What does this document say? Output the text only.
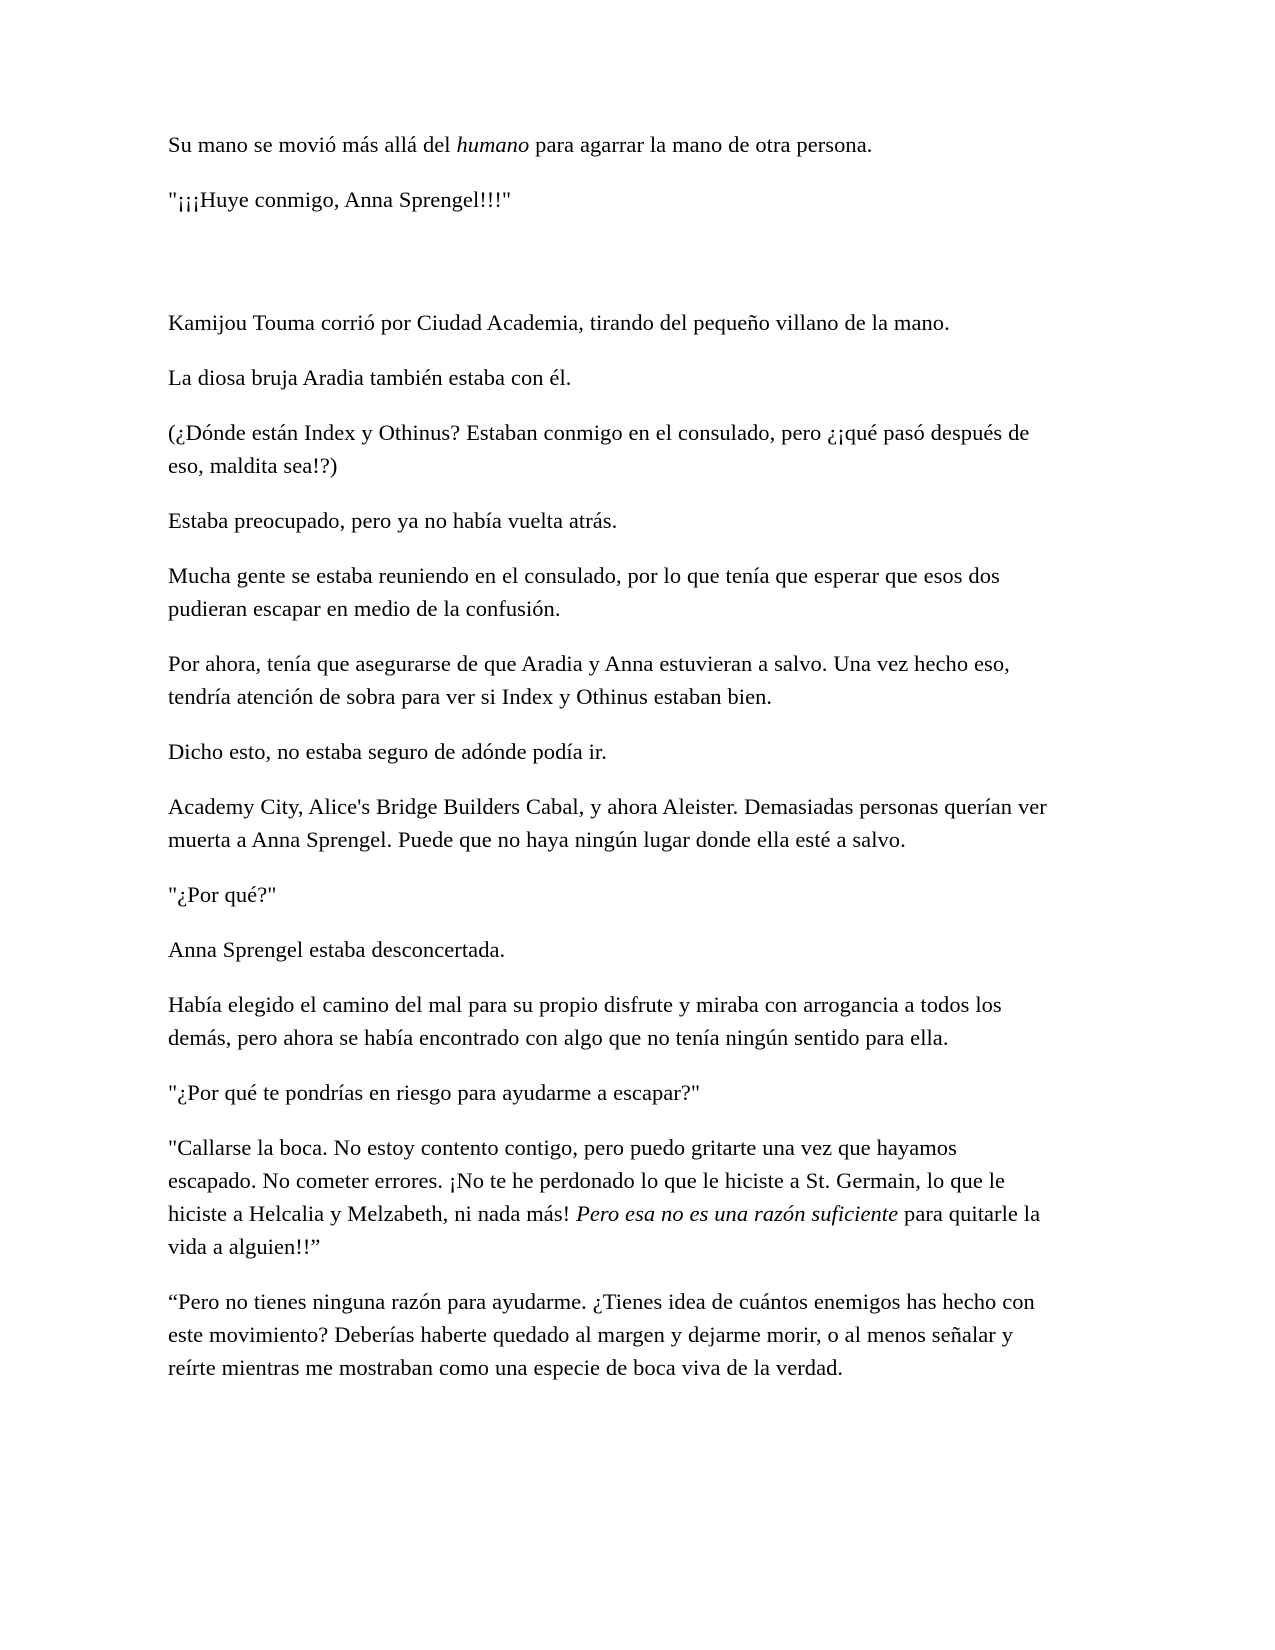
Su mano se movió más allá del humano para agarrar la mano de otra persona.

"¡¡¡Huye conmigo, Anna Sprengel!!!"

Kamijou Touma corrió por Ciudad Academia, tirando del pequeño villano de la mano.

La diosa bruja Aradia también estaba con él.

(¿Dónde están Index y Othinus? Estaban conmigo en el consulado, pero ¿¡qué pasó después de eso, maldita sea!?)

Estaba preocupado, pero ya no había vuelta atrás.

Mucha gente se estaba reuniendo en el consulado, por lo que tenía que esperar que esos dos pudieran escapar en medio de la confusión.

Por ahora, tenía que asegurarse de que Aradia y Anna estuvieran a salvo. Una vez hecho eso, tendría atención de sobra para ver si Index y Othinus estaban bien.

Dicho esto, no estaba seguro de adónde podía ir.

Academy City, Alice's Bridge Builders Cabal, y ahora Aleister. Demasiadas personas querían ver muerta a Anna Sprengel. Puede que no haya ningún lugar donde ella esté a salvo.

"¿Por qué?"

Anna Sprengel estaba desconcertada.

Había elegido el camino del mal para su propio disfrute y miraba con arrogancia a todos los demás, pero ahora se había encontrado con algo que no tenía ningún sentido para ella.

"¿Por qué te pondrías en riesgo para ayudarme a escapar?"

"Callarse la boca. No estoy contento contigo, pero puedo gritarte una vez que hayamos escapado. No cometer errores. ¡No te he perdonado lo que le hiciste a St. Germain, lo que le hiciste a Helcalia y Melzabeth, ni nada más! Pero esa no es una razón suficiente para quitarle la vida a alguien!!”

“Pero no tienes ninguna razón para ayudarme. ¿Tienes idea de cuántos enemigos has hecho con este movimiento? Deberías haberte quedado al margen y dejarme morir, o al menos señalar y reírte mientras me mostraban como una especie de boca viva de la verdad.
